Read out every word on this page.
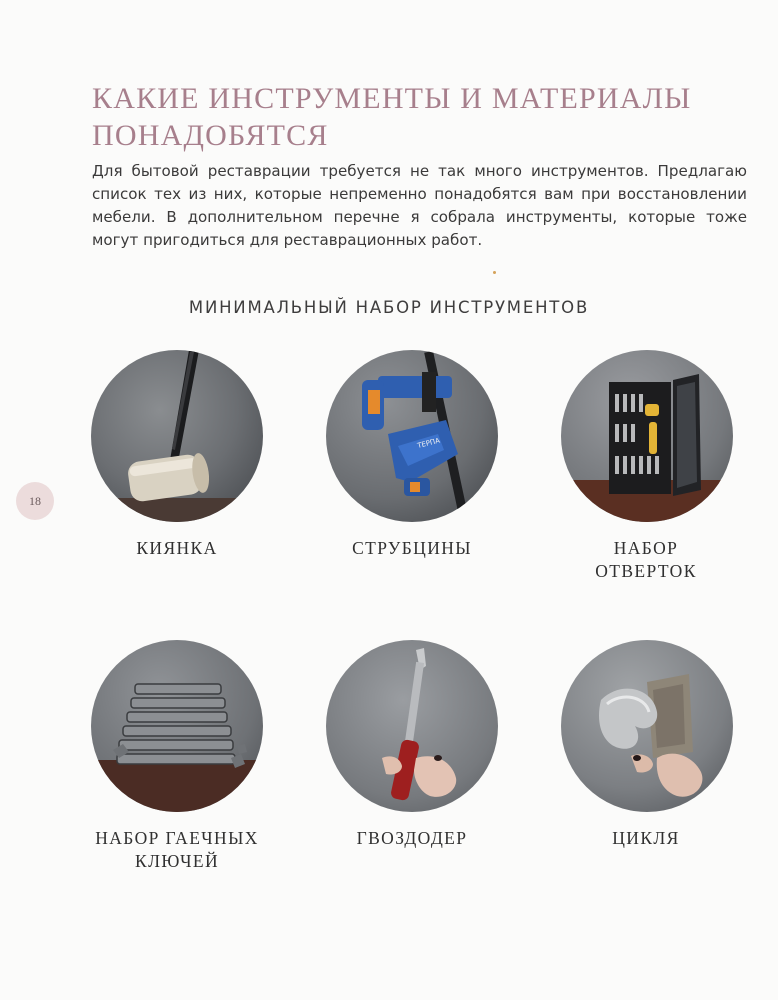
КАКИЕ ИНСТРУМЕНТЫ И МАТЕРИАЛЫ ПОНАДОБЯТСЯ

Для бытовой реставрации требуется не так много инструментов. Предлагаю список тех из них, которые непременно понадобятся вам при восстановлении мебели. В дополнительном перечне я собрала инструменты, которые тоже могут пригодиться для реставрационных работ.

МИНИМАЛЬНЫЙ НАБОР ИНСТРУМЕНТОВ
18
КИЯНКА
ТЕРПА
СТРУБЦИНЫ	НАБОР
ОТВЕРТОК
НАБОР ГАЕЧНЫХ
КЛЮЧЕЙ
ГВОЗДОДЕР	ЦИКЛЯ
